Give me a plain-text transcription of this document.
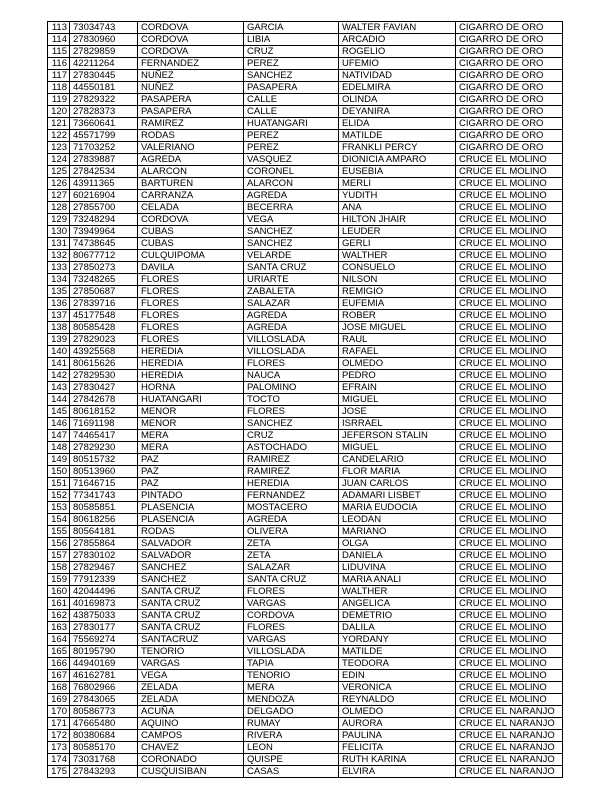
113	73034743	CORDOVA	GARCIA	WALTER FAVIAN	CIGARRO DE ORO
114	27830960	CORDOVA	LIBIA	ARCADIO	CIGARRO DE ORO
115	27829859	CORDOVA	CRUZ	ROGELIO	CIGARRO DE ORO
116	42211264	FERNANDEZ	PEREZ	UFEMIO	CIGARRO DE ORO
117	27830445	NUÑEZ	SANCHEZ	NATIVIDAD	CIGARRO DE ORO
118	44550181	NUÑEZ	PASAPERA	EDELMIRA	CIGARRO DE ORO
119	27829322	PASAPERA	CALLE	OLINDA	CIGARRO DE ORO
120	27828373	PASAPERA	CALLE	DEYANIRA	CIGARRO DE ORO
121	73660641	RAMIREZ	HUATANGARI	ELIDA	CIGARRO DE ORO
122	45571799	RODAS	PEREZ	MATILDE	CIGARRO DE ORO
123	71703252	VALERIANO	PEREZ	FRANKLI PERCY	CIGARRO DE ORO
124	27839887	AGREDA	VASQUEZ	DIONICIA AMPARO	CRUCE EL MOLINO
125	27842534	ALARCON	CORONEL	EUSEBIA	CRUCE EL MOLINO
126	43911365	BARTUREN	ALARCON	MERLI	CRUCE EL MOLINO
127	60216904	CARRANZA	AGREDA	YUDITH	CRUCE EL MOLINO
128	27855700	CELADA	BECERRA	ANA	CRUCE EL MOLINO
129	73248294	CORDOVA	VEGA	HILTON JHAIR	CRUCE EL MOLINO
130	73949964	CUBAS	SANCHEZ	LEUDER	CRUCE EL MOLINO
131	74738645	CUBAS	SANCHEZ	GERLI	CRUCE EL MOLINO
132	80677712	CULQUIPOMA	VELARDE	WALTHER	CRUCE EL MOLINO
133	27850273	DAVILA	SANTA CRUZ	CONSUELO	CRUCE EL MOLINO
134	73248265	FLORES	URIARTE	NILSON	CRUCE EL MOLINO
135	27850687	FLORES	ZABALETA	REMIGIO	CRUCE EL MOLINO
136	27839716	FLORES	SALAZAR	EUFEMIA	CRUCE EL MOLINO
137	45177548	FLORES	AGREDA	ROBER	CRUCE EL MOLINO
138	80585428	FLORES	AGREDA	JOSE MIGUEL	CRUCE EL MOLINO
139	27829023	FLORES	VILLOSLADA	RAUL	CRUCE EL MOLINO
140	43925568	HEREDIA	VILLOSLADA	RAFAEL	CRUCE EL MOLINO
141	80615626	HEREDIA	FLORES	OLMEDO	CRUCE EL MOLINO
142	27829530	HEREDIA	NAUCA	PEDRO	CRUCE EL MOLINO
143	27830427	HORNA	PALOMINO	EFRAIN	CRUCE EL MOLINO
144	27842678	HUATANGARI	TOCTO	MIGUEL	CRUCE EL MOLINO
145	80618152	MENOR	FLORES	JOSE	CRUCE EL MOLINO
146	71691198	MENOR	SANCHEZ	ISRRAEL	CRUCE EL MOLINO
147	74465417	MERA	CRUZ	JEFERSON STALIN	CRUCE EL MOLINO
148	27829230	MERA	ASTOCHADO	MIGUEL	CRUCE EL MOLINO
149	80515732	PAZ	RAMIREZ	CANDELARIO	CRUCE EL MOLINO
150	80513960	PAZ	RAMIREZ	FLOR MARIA	CRUCE EL MOLINO
151	71646715	PAZ	HEREDIA	JUAN CARLOS	CRUCE EL MOLINO
152	77341743	PINTADO	FERNANDEZ	ADAMARI LISBET	CRUCE EL MOLINO
153	80585851	PLASENCIA	MOSTACERO	MARIA EUDOCIA	CRUCE EL MOLINO
154	80618256	PLASENCIA	AGREDA	LEODAN	CRUCE EL MOLINO
155	80564181	RODAS	OLIVERA	MARIANO	CRUCE EL MOLINO
156	27855864	SALVADOR	ZETA	OLGA	CRUCE EL MOLINO
157	27830102	SALVADOR	ZETA	DANIELA	CRUCE EL MOLINO
158	27829467	SANCHEZ	SALAZAR	LIDUVINA	CRUCE EL MOLINO
159	77912339	SANCHEZ	SANTA CRUZ	MARIA ANALI	CRUCE EL MOLINO
160	42044496	SANTA CRUZ	FLORES	WALTHER	CRUCE EL MOLINO
161	40169873	SANTA CRUZ	VARGAS	ANGELICA	CRUCE EL MOLINO
162	43875033	SANTA CRUZ	CORDOVA	DEMETRIO	CRUCE EL MOLINO
163	27830177	SANTA CRUZ	FLORES	DALILA	CRUCE EL MOLINO
164	75569274	SANTACRUZ	VARGAS	YORDANY	CRUCE EL MOLINO
165	80195790	TENORIO	VILLOSLADA	MATILDE	CRUCE EL MOLINO
166	44940169	VARGAS	TAPIA	TEODORA	CRUCE EL MOLINO
167	46162781	VEGA	TENORIO	EDIN	CRUCE EL MOLINO
168	76802966	ZELADA	MERA	VERONICA	CRUCE EL MOLINO
169	27843065	ZELADA	MENDOZA	REYNALDO	CRUCE EL MOLINO
170	80586773	ACUÑA	DELGADO	OLMEDO	CRUCE EL NARANJO
171	47665480	AQUINO	RUMAY	AURORA	CRUCE EL NARANJO
172	80380684	CAMPOS	RIVERA	PAULINA	CRUCE EL NARANJO
173	80585170	CHAVEZ	LEON	FELICITA	CRUCE EL NARANJO
174	73031768	CORONADO	QUISPE	RUTH KARINA	CRUCE EL NARANJO
175	27843293	CUSQUISIBAN	CASAS	ELVIRA	CRUCE EL NARANJO
